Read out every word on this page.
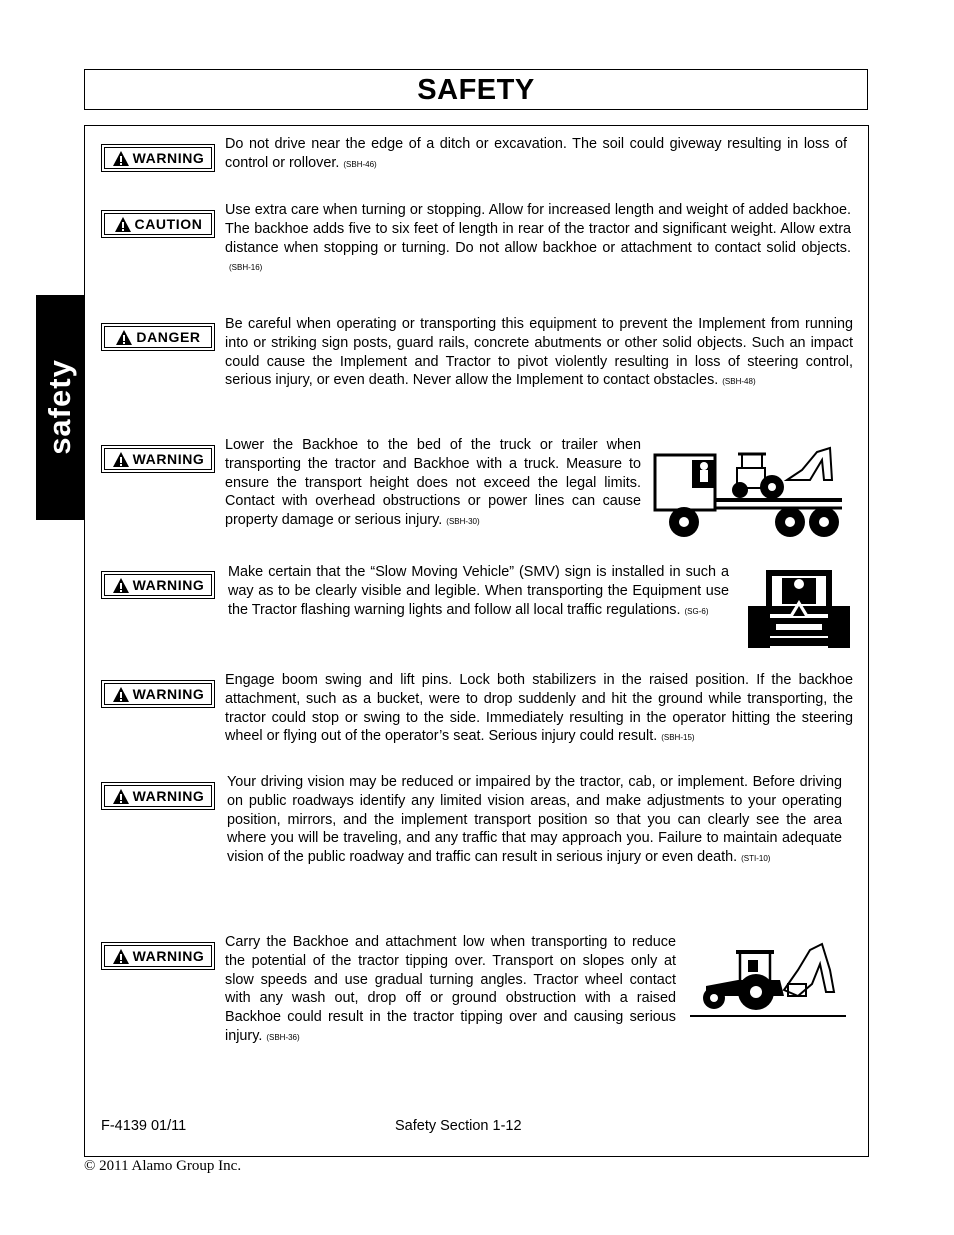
SAFETY
safety
WARNING
Do not drive near the edge of a ditch or excavation. The soil could giveway resulting in loss of control or rollover. (SBH-46)
CAUTION
Use extra care when turning or stopping. Allow for increased length and weight of added backhoe. The backhoe adds five to six feet of length in rear of the tractor and significant weight. Allow extra distance when stopping or turning. Do not allow backhoe or attachment to contact solid objects.(SBH-16)
DANGER
Be careful when operating or transporting this equipment to prevent the Implement from running into or striking sign posts, guard rails, concrete abutments or other solid objects. Such an impact could cause the Implement and Tractor to pivot violently resulting in loss of steering control, serious injury, or even death. Never allow the Implement to contact obstacles. (SBH-48)
WARNING
Lower the Backhoe to the bed of the truck or trailer when transporting the tractor and Backhoe with a truck. Measure to ensure the transport height does not exceed the legal limits. Contact with overhead obstructions or power lines can cause property damage or serious injury. (SBH-30)
WARNING
Make certain that the “Slow Moving Vehicle” (SMV) sign is installed in such a way as to be clearly visible and legible. When transporting the Equipment use the Tractor flashing warning lights and follow all local traffic regulations. (SG-6)
WARNING
Engage boom swing and lift pins. Lock both stabilizers in the raised position. If the backhoe attachment, such as a bucket, were to drop suddenly and hit the ground while transporting, the tractor could stop or swing to the side. Immediately resulting in the operator hitting the steering wheel or flying out of the operator’s seat. Serious injury could result. (SBH-15)
WARNING
Your driving vision may be reduced or impaired by the tractor, cab, or implement. Before driving on public roadways identify any limited vision areas, and make adjustments to your operating position, mirrors, and the implement transport position so that you can clearly see the area where you will be traveling, and any traffic that may approach you. Failure to maintain adequate vision of the public roadway and traffic can result in serious injury or even death. (STI-10)
WARNING
Carry the Backhoe and attachment low when transporting to reduce the potential of the tractor tipping over. Transport on slopes only at slow speeds and use gradual turning angles. Tractor wheel contact with any wash out, drop off or ground obstruction with a raised Backhoe could result in the tractor tipping over and causing serious injury. (SBH-36)
F-4139 01/11	Safety Section 1-12
© 2011 Alamo Group Inc.
